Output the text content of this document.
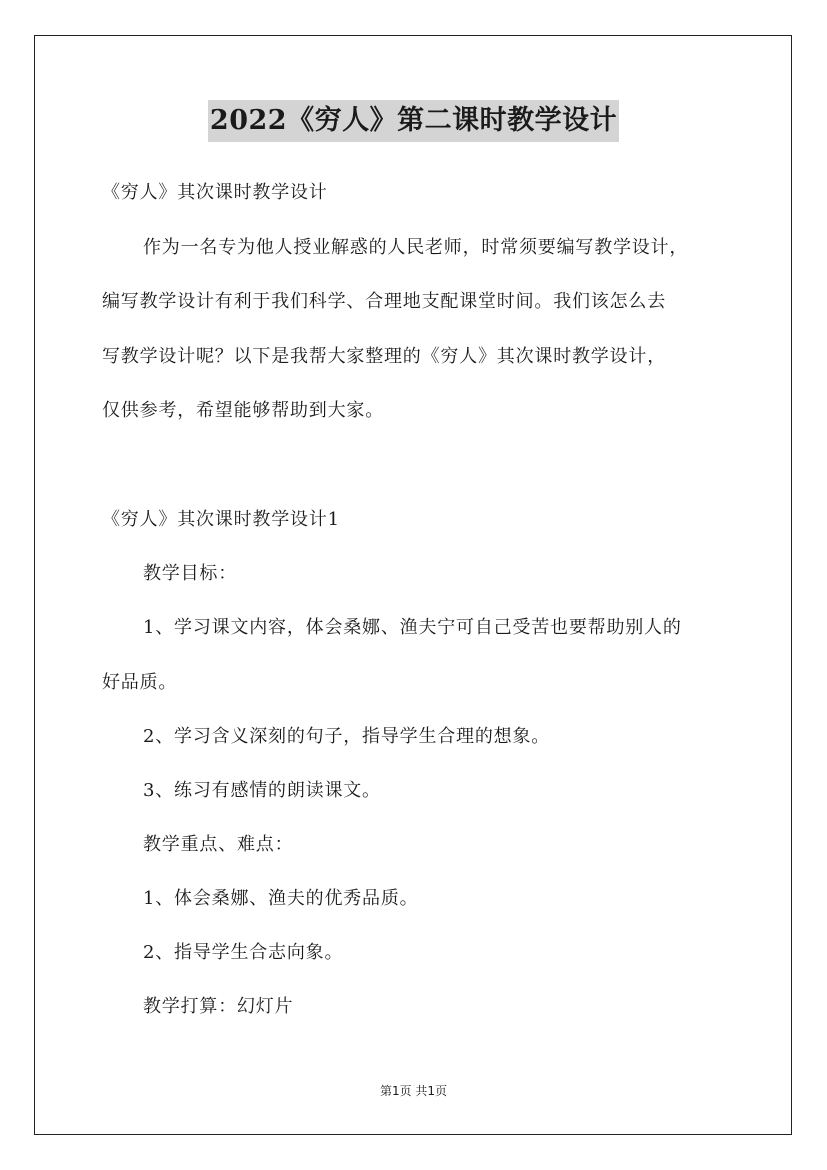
2022《穷人》第二课时教学设计
《穷人》其次课时教学设计
作为一名专为他人授业解惑的人民老师，时常须要编写教学设计，
编写教学设计有利于我们科学、合理地支配课堂时间。我们该怎么去
写教学设计呢？以下是我帮大家整理的《穷人》其次课时教学设计，
仅供参考，希望能够帮助到大家。
《穷人》其次课时教学设计1
教学目标：
1、学习课文内容，体会桑娜、渔夫宁可自己受苦也要帮助别人的
好品质。
2、学习含义深刻的句子，指导学生合理的想象。
3、练习有感情的朗读课文。
教学重点、难点：
1、体会桑娜、渔夫的优秀品质。
2、指导学生合志向象。
教学打算：幻灯片
第1页 共1页
